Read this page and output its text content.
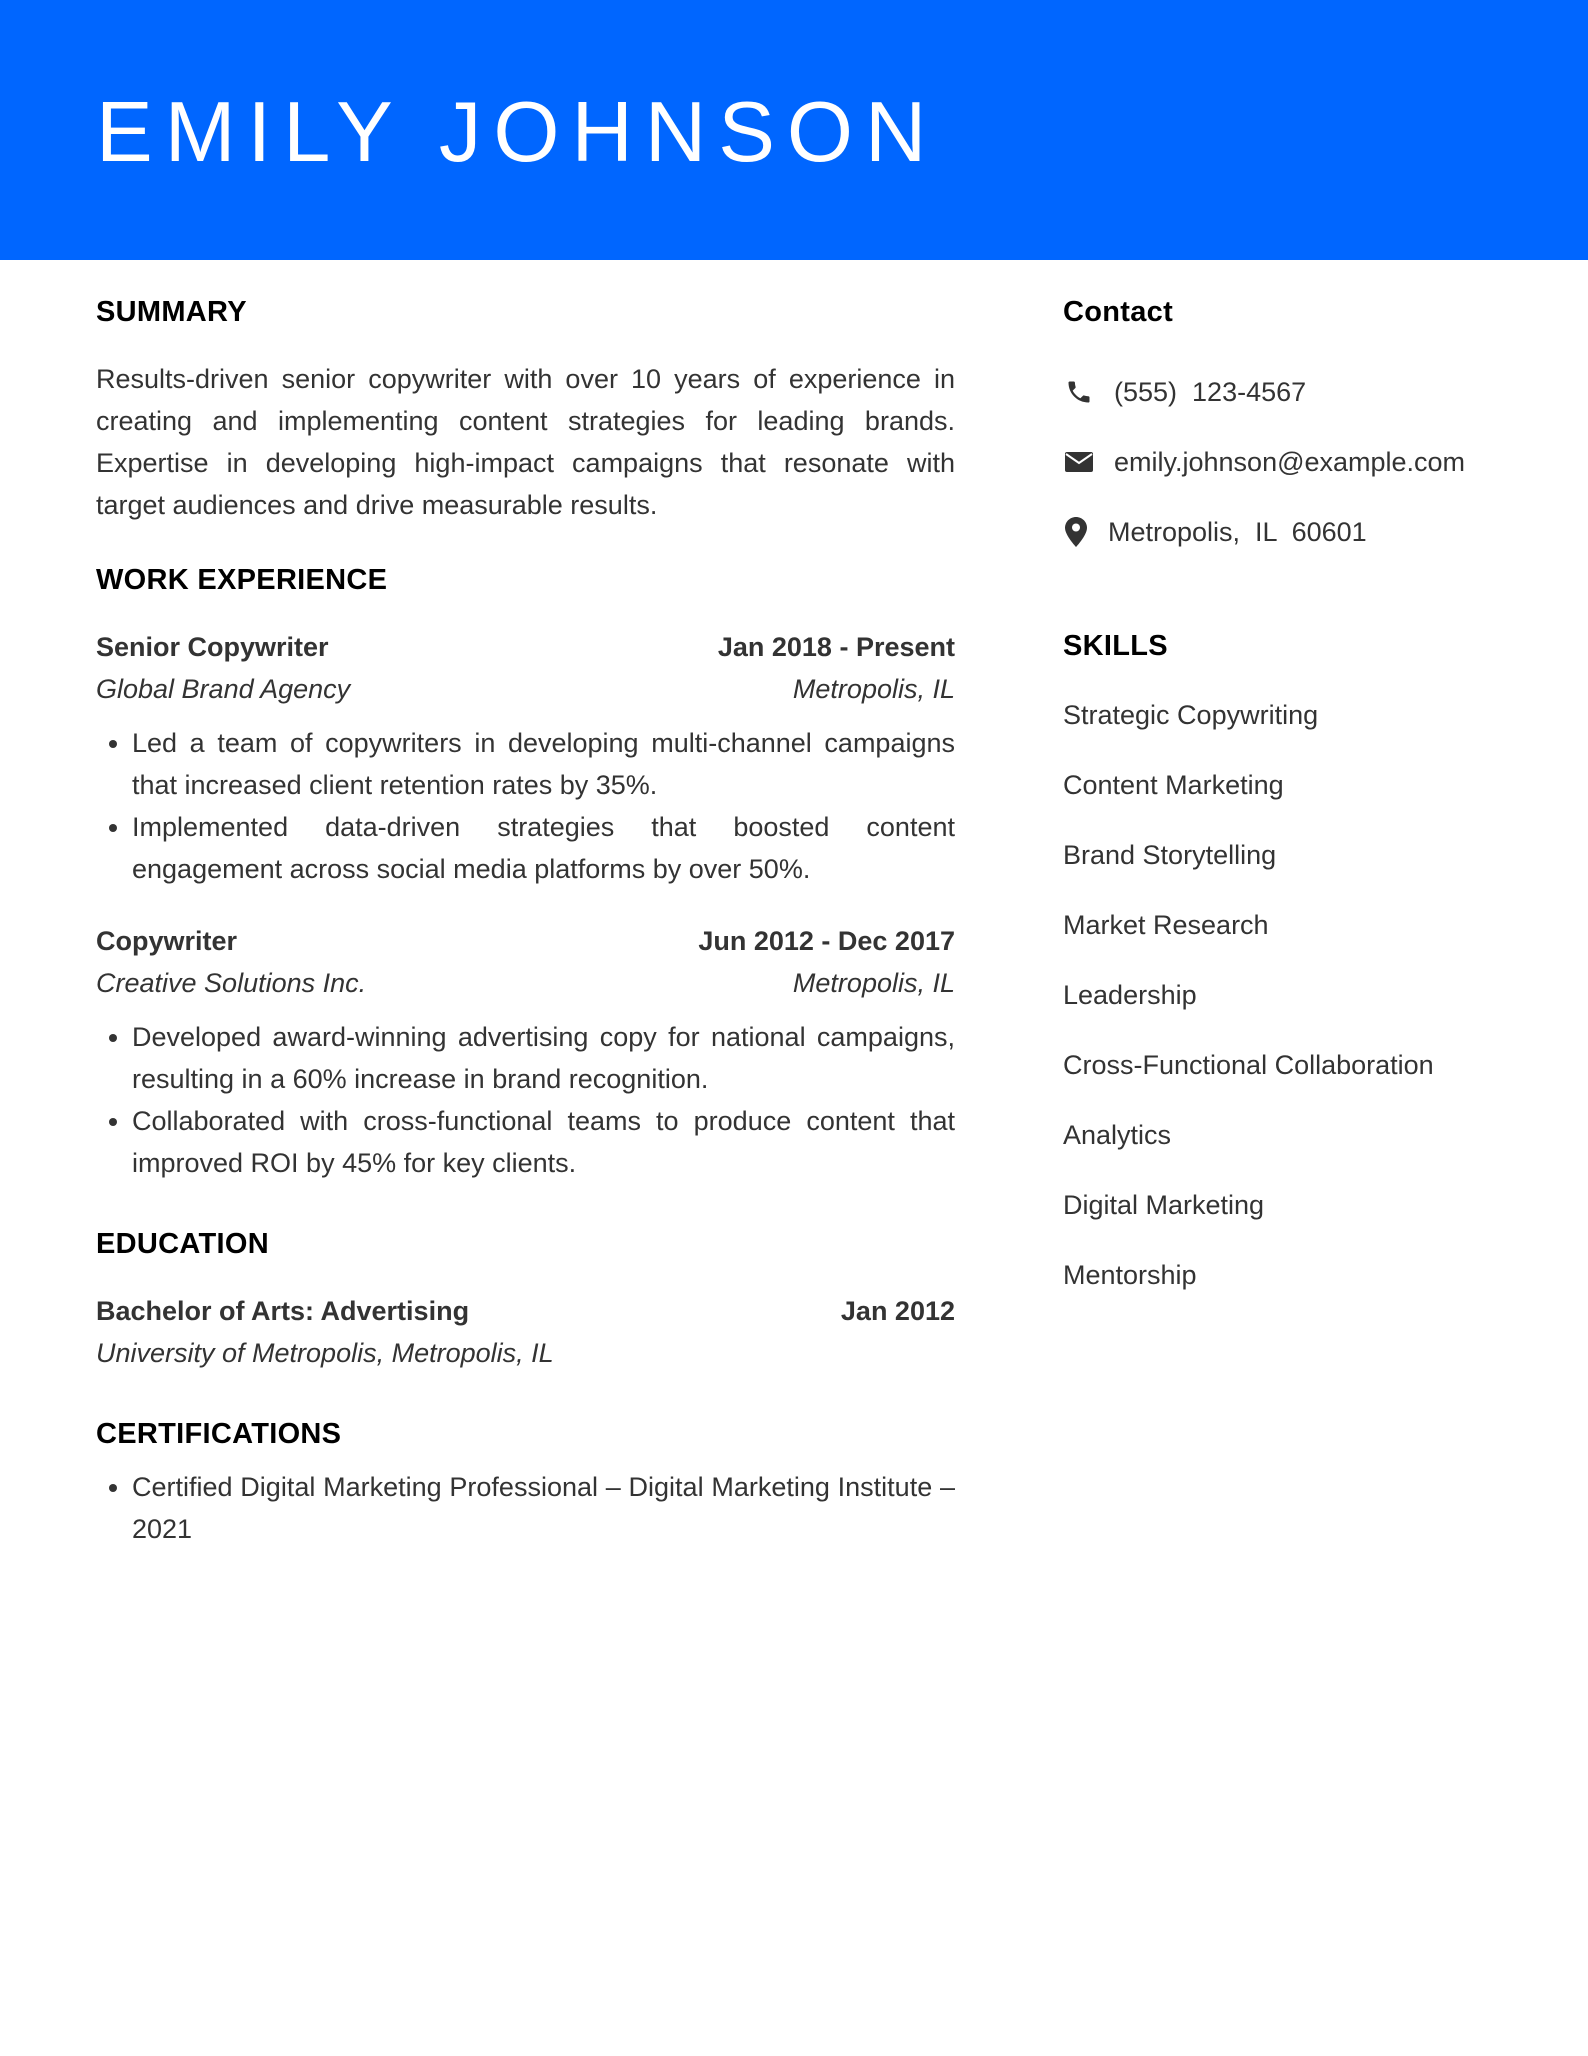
EMILY JOHNSON
SUMMARY

Results-driven senior copywriter with over 10 years of experience in creating and implementing content strategies for leading brands. Expertise in developing high-impact campaigns that resonate with target audiences and drive measurable results.

WORK EXPERIENCE
Senior Copywriter	Jan 2018 - Present
Global Brand Agency	Metropolis, IL
• Led a team of copywriters in developing multi-channel campaigns that increased client retention rates by 35%.
• Implemented data-driven strategies that boosted content engagement across social media platforms by over 50%.
Copywriter	Jun 2012 - Dec 2017
Creative Solutions Inc.	Metropolis, IL
• Developed award-winning advertising copy for national campaigns, resulting in a 60% increase in brand recognition.
• Collaborated with cross-functional teams to produce content that improved ROI by 45% for key clients.
EDUCATION
Bachelor of Arts: Advertising	Jan 2012
University of Metropolis, Metropolis, IL
CERTIFICATIONS
• Certified Digital Marketing Professional – Digital Marketing Institute – 2021
Contact
(555)  123-4567
emily.johnson@example.com
Metropolis,  IL  60601
SKILLS
Strategic Copywriting
Content Marketing
Brand Storytelling
Market Research
Leadership
Cross-Functional Collaboration
Analytics
Digital Marketing
Mentorship
